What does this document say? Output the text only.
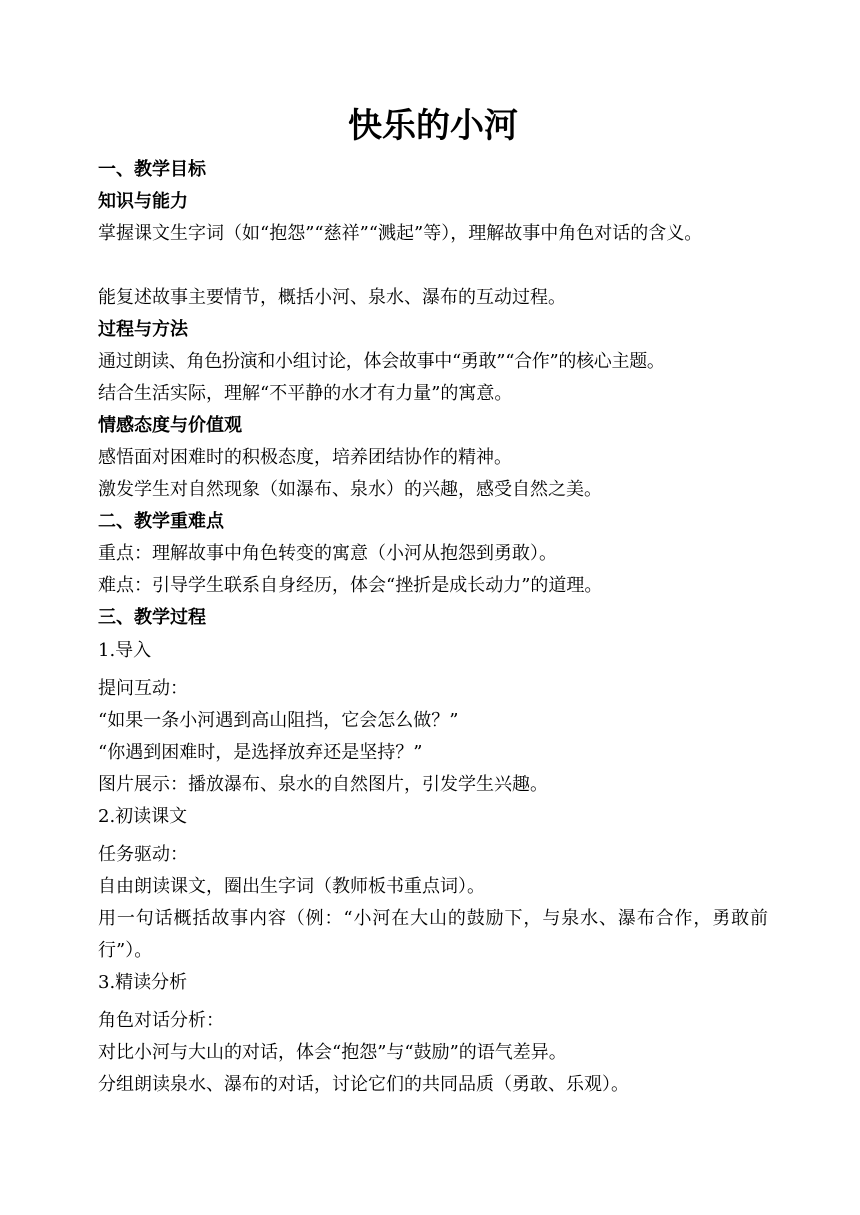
快乐的小河
一、教学目标
知识与能力
掌握课文生字词（如“抱怨”“慈祥”“溅起”等），理解故事中角色对话的含义。
能复述故事主要情节，概括小河、泉水、瀑布的互动过程。
过程与方法
通过朗读、角色扮演和小组讨论，体会故事中“勇敢”“合作”的核心主题。
结合生活实际，理解“不平静的水才有力量”的寓意。
情感态度与价值观
感悟面对困难时的积极态度，培养团结协作的精神。
激发学生对自然现象（如瀑布、泉水）的兴趣，感受自然之美。
二、教学重难点
重点：理解故事中角色转变的寓意（小河从抱怨到勇敢）。
难点：引导学生联系自身经历，体会“挫折是成长动力”的道理。
三、教学过程
1.导入
提问互动：
“如果一条小河遇到高山阻挡，它会怎么做？”
“你遇到困难时，是选择放弃还是坚持？”
图片展示：播放瀑布、泉水的自然图片，引发学生兴趣。
2.初读课文
任务驱动：
自由朗读课文，圈出生字词（教师板书重点词）。
用一句话概括故事内容（例：“小河在大山的鼓励下，与泉水、瀑布合作，勇敢前行”）。
3.精读分析
角色对话分析：
对比小河与大山的对话，体会“抱怨”与“鼓励”的语气差异。
分组朗读泉水、瀑布的对话，讨论它们的共同品质（勇敢、乐观）。
